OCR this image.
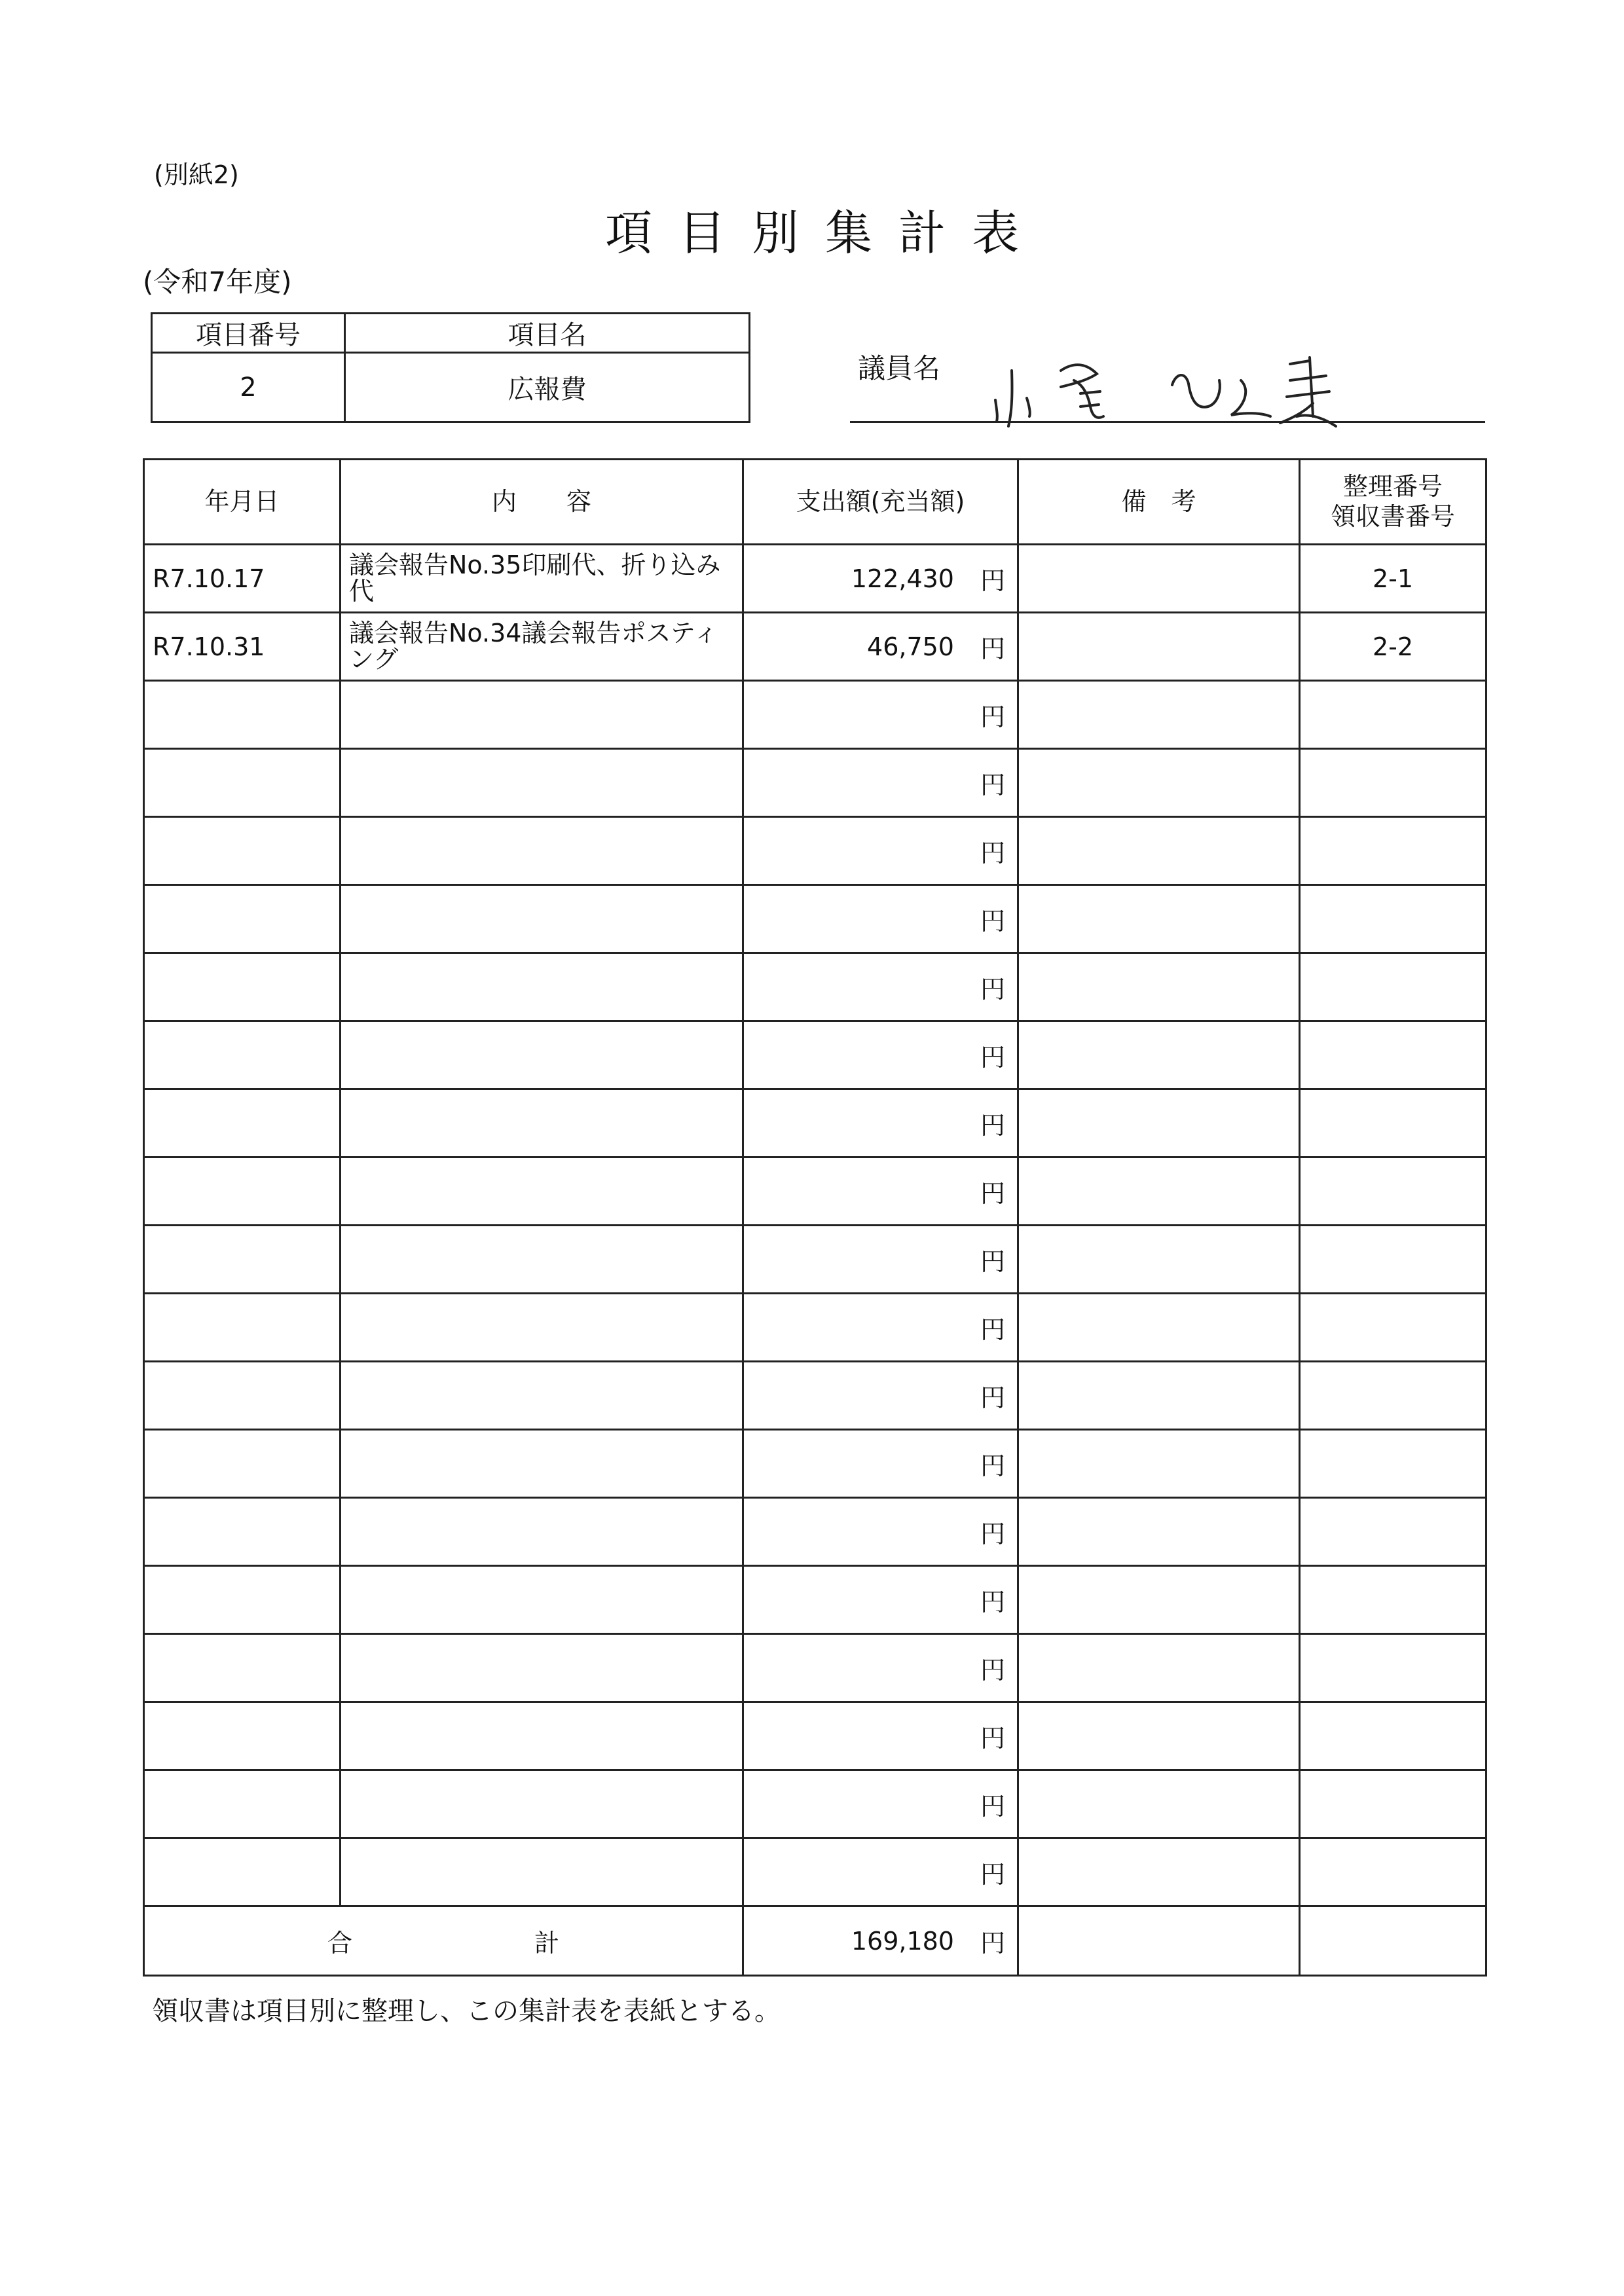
(別紙2)
項目別集計表
(令和7年度)
項目番号	項目名
2	広報費
議員名
年月日	内　　容	支出額(充当額)	備　考	整理番号
領収書番号

R7.10.17	議会報告No.35印刷代、折り込み代	122,430 円		2-1
R7.10.31	議会報告No.34議会報告ポスティング	46,750 円		2-2

		円		

		円		

		円		

		円		

		円		

		円		

		円		

		円		

		円		

		円		

		円		

		円		

		円		

		円		

		円		

		円		

		円		

		円		

合　計		169,180 円		

領収書は項目別に整理し、この集計表を表紙とする。
